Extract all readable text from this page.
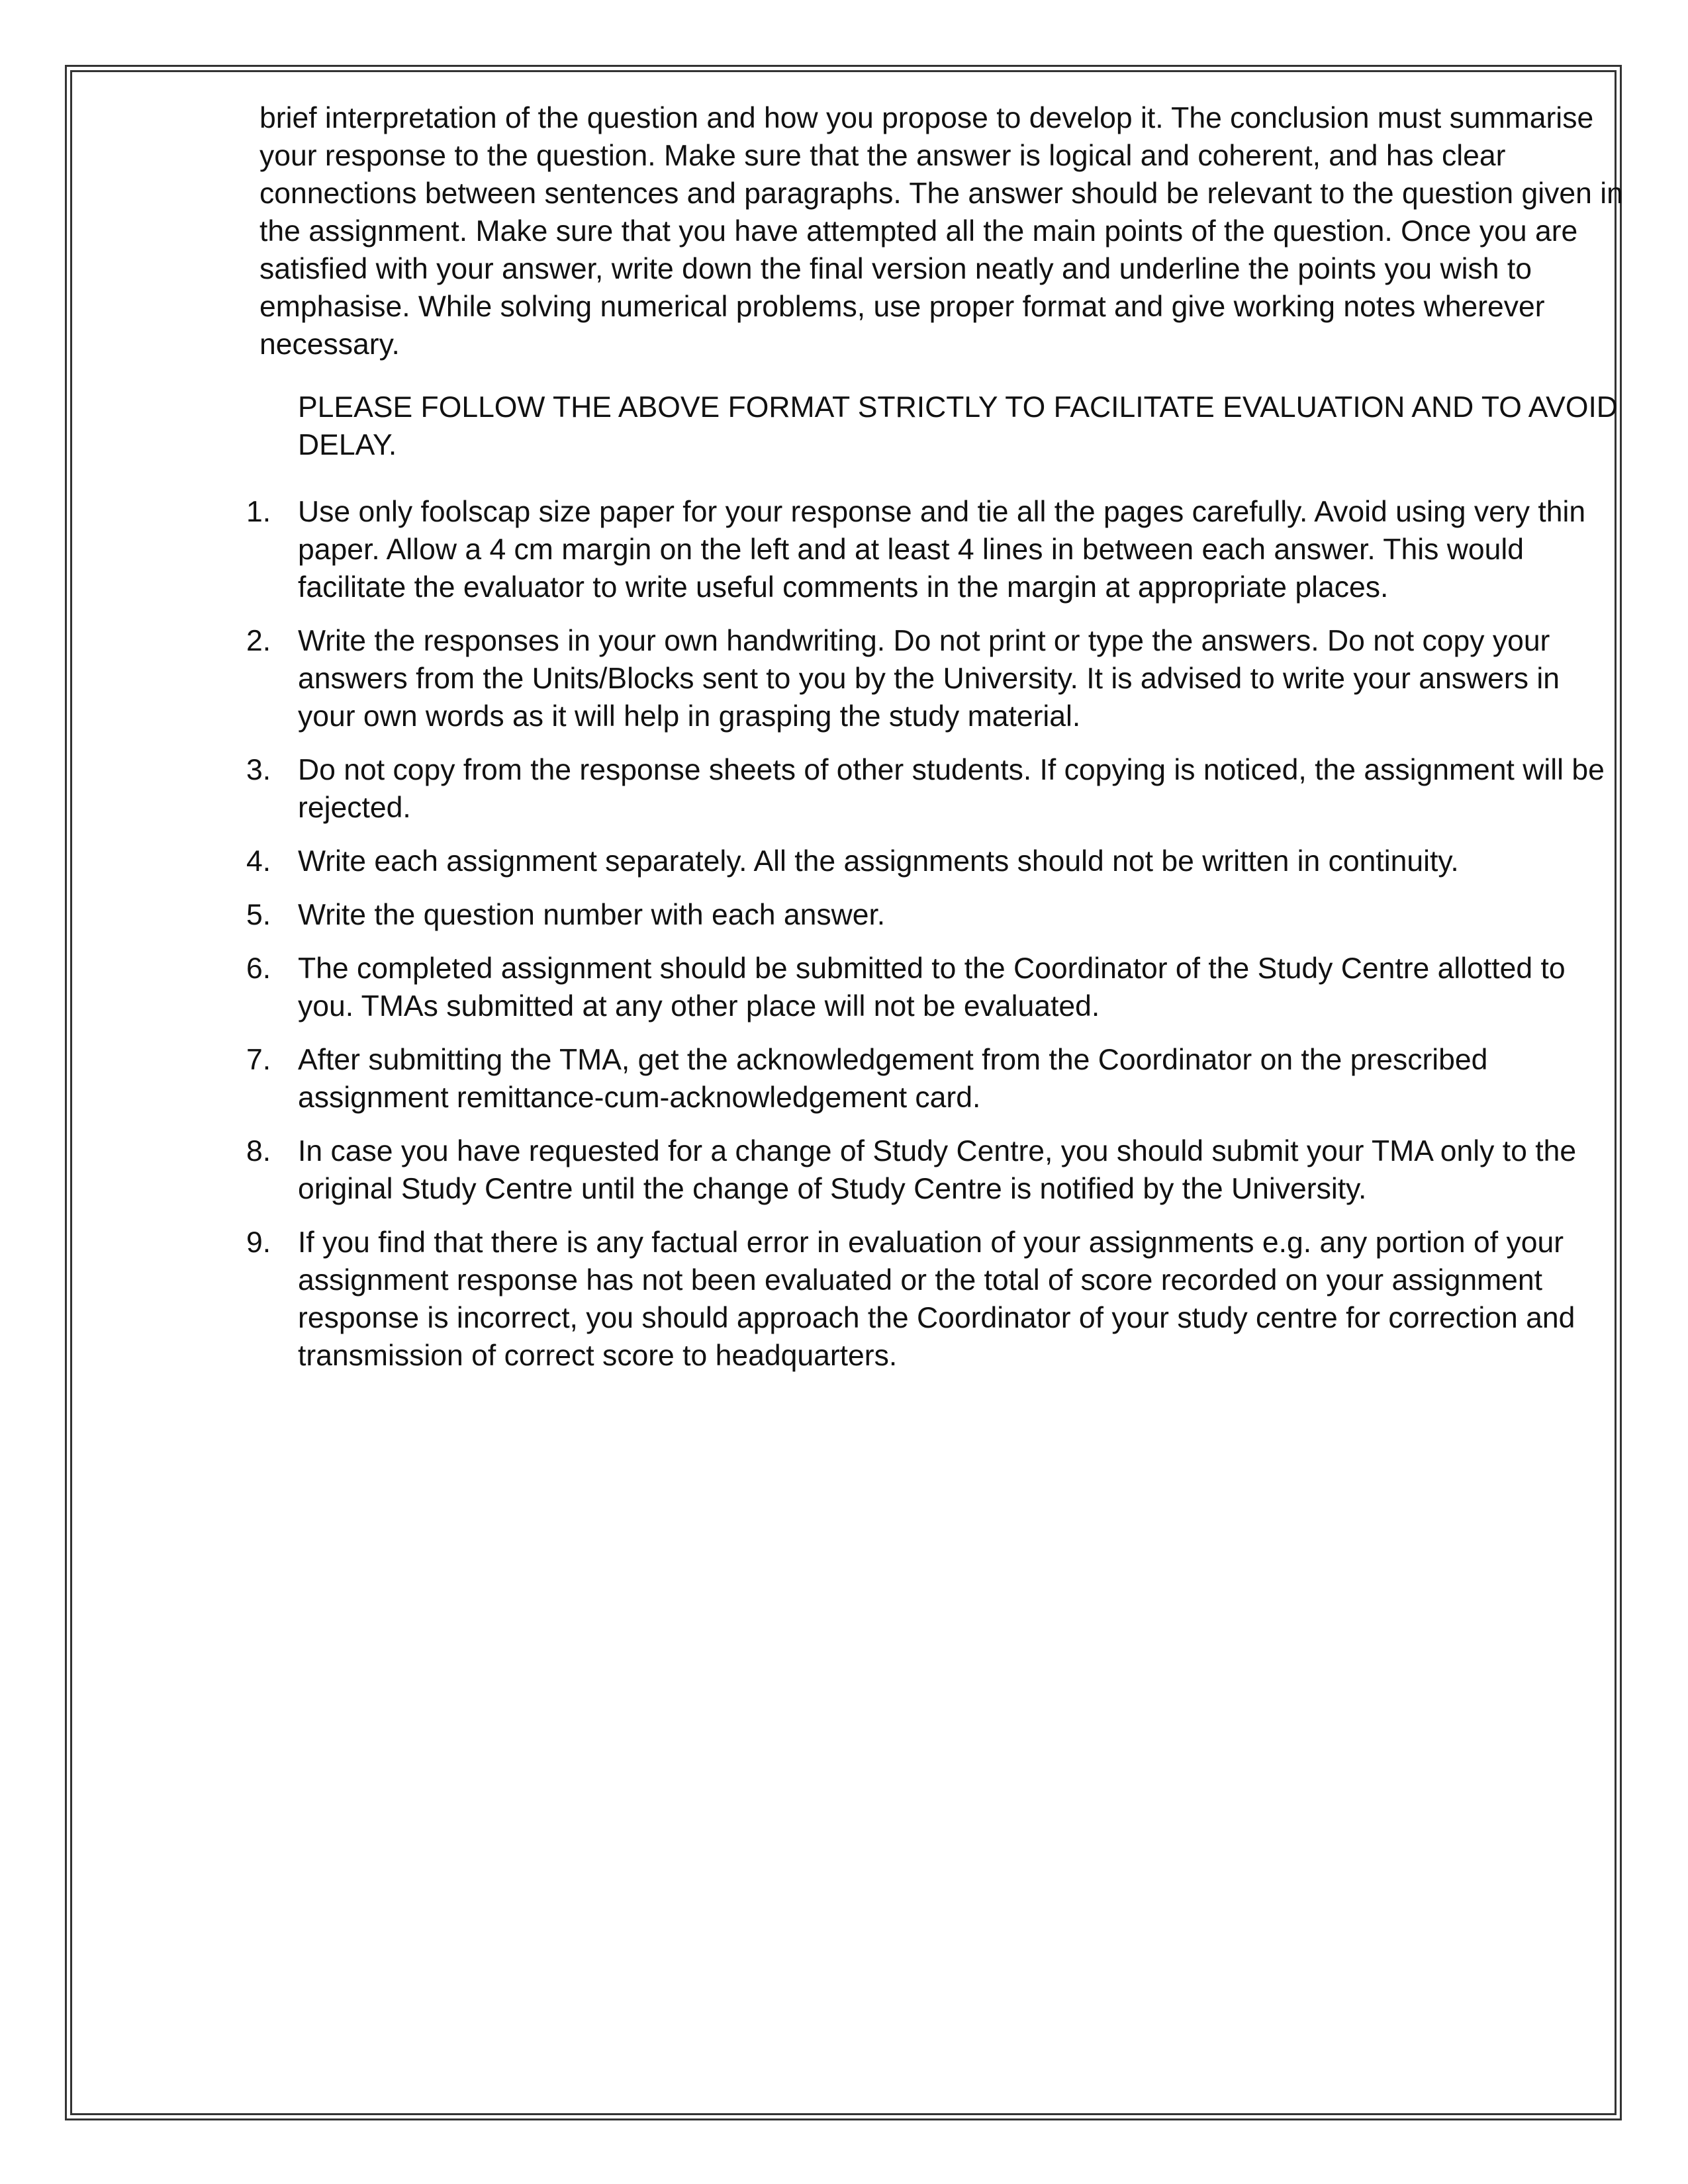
brief interpretation of the question and how you propose to develop it. The conclusion must summarise your response to the question. Make sure that the answer is logical and coherent, and has clear connections between sentences and paragraphs. The answer should be relevant to the question given in the assignment. Make sure that you have attempted all the main points of the question. Once you are satisfied with your answer, write down the final version neatly and underline the points you wish to emphasise. While solving numerical problems, use proper format and give working notes wherever necessary.

PLEASE FOLLOW THE ABOVE FORMAT STRICTLY TO FACILITATE EVALUATION AND TO AVOID DELAY.

1. Use only foolscap size paper for your response and tie all the pages carefully. Avoid using very thin paper. Allow a 4 cm margin on the left and at least 4 lines in between each answer. This would facilitate the evaluator to write useful comments in the margin at appropriate places.
2. Write the responses in your own handwriting. Do not print or type the answers. Do not copy your answers from the Units/Blocks sent to you by the University. It is advised to write your answers in your own words as it will help in grasping the study material.
3. Do not copy from the response sheets of other students. If copying is noticed, the assignment will be rejected.
4. Write each assignment separately. All the assignments should not be written in continuity.
5. Write the question number with each answer.
6. The completed assignment should be submitted to the Coordinator of the Study Centre allotted to you. TMAs submitted at any other place will not be evaluated.
7. After submitting the TMA, get the acknowledgement from the Coordinator on the prescribed assignment remittance-cum-acknowledgement card.
8. In case you have requested for a change of Study Centre, you should submit your TMA only to the original Study Centre until the change of Study Centre is notified by the University.
9. If you find that there is any factual error in evaluation of your assignments e.g. any portion of your assignment response has not been evaluated or the total of score recorded on your assignment response is incorrect, you should approach the Coordinator of your study centre for correction and transmission of correct score to headquarters.
